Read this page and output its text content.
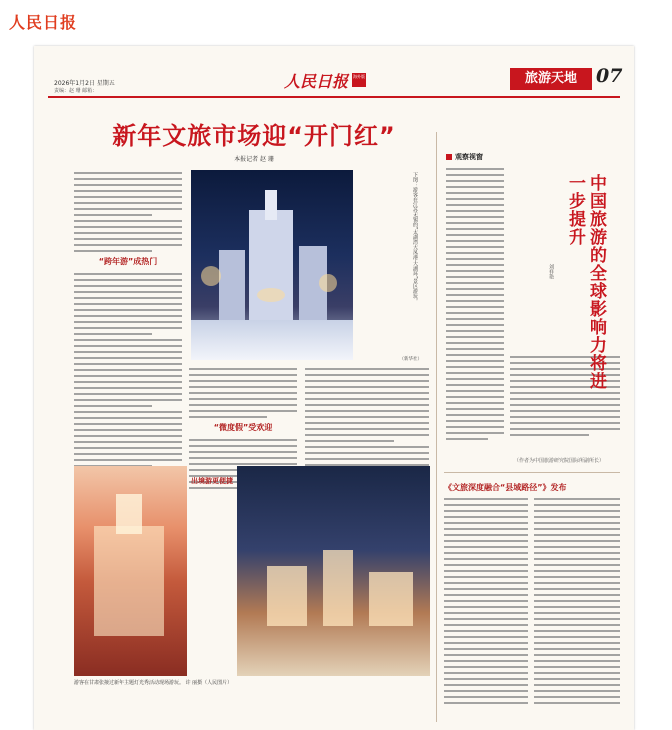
人民日报
2026年1月2日 星期五
责编：赵 珊 邮箱：	人民日报 海外版	旅游天地	07
新年文旅市场迎“开门红”
本报记者 赵 珊
“跨年游”成热门	下图：游客在江苏无锡的“太湖湾大凤港·大湖环”景区游玩。
（新华社）
“微度假”受欢迎
出境游更便捷
游客在甘肃张掖过新年主题灯光秀活动现场游玩。 许 丽摄（人民图片）
观察视窗
中国旅游的全球影响力将进一步提升
刘祥艳
（作者为中国旅游研究院国际所副所长）
《文旅深度融合“县域路径”》发布
